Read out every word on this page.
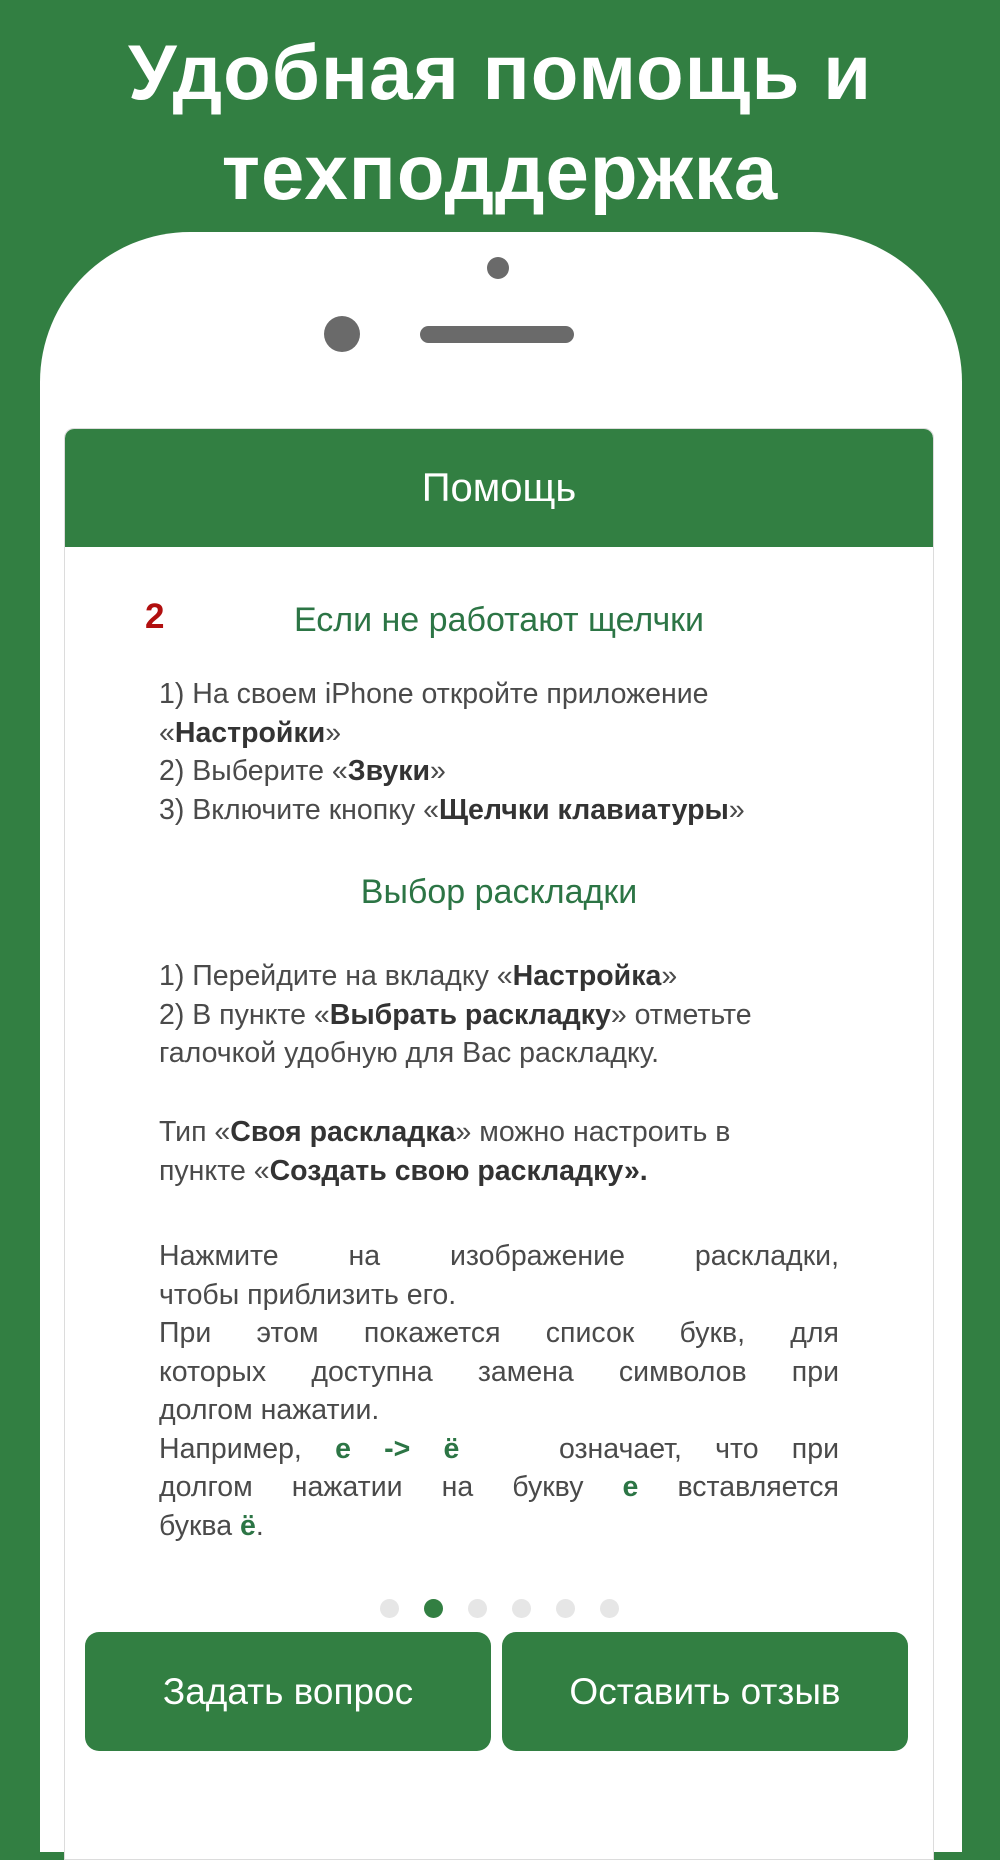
Удобная помощь и
техподдержка
Помощь
2	Если не работают щелчки

1) На своем iPhone откройте приложение

«Настройки»

2) Выберите «Звуки»

3) Включите кнопку «Щелчки клавиатуры»

Выбор раскладки

1) Перейдите на вкладку «Настройка»

2) В пункте «Выбрать раскладку» отметьте

галочкой удобную для Вас раскладку.

Тип «Своя раскладка» можно настроить в

пункте «Создать свою раскладку».

Нажмите на изображение раскладки,

чтобы приблизить его.

При этом покажется список букв, для

которых доступна замена символов при

долгом нажатии.

Например, е -> ё   означает, что при

долгом нажатии на букву е вставляется

буква ё.

Задать вопрос	Оставить отзыв
